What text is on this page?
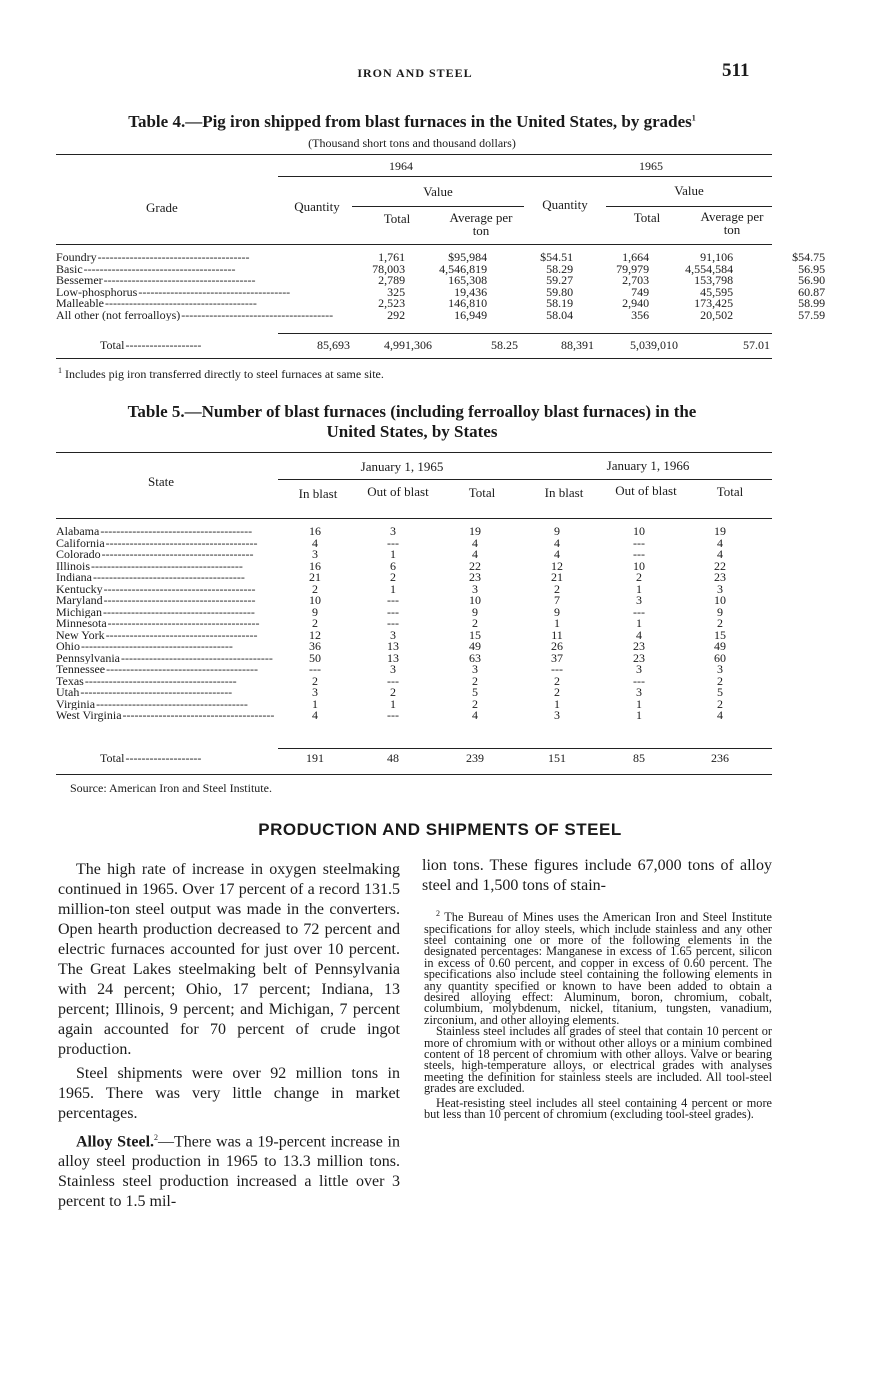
IRON AND STEEL	511
Table 4.—Pig iron shipped from blast furnaces in the United States, by grades$^1$
(Thousand short tons and thousand dollars)
1964	1965
Grade	Quantity
Value
Total	Average per ton
Quantity
Value
Total	Average per ton
Foundry--------------------------------------	1,761	$95,984	$54.51	1,664	91,106	$54.75
Basic--------------------------------------	78,003	4,546,819	58.29	79,979	4,554,584	56.95
Bessemer--------------------------------------	2,789	165,308	59.27	2,703	153,798	56.90
Low-phosphorus--------------------------------------	325	19,436	59.80	749	45,595	60.87
Malleable--------------------------------------	2,523	146,810	58.19	2,940	173,425	58.99
All other (not ferroalloys)--------------------------------------	292	16,949	58.04	356	20,502	57.59
Total-------------------	85,693	4,991,306	58.25	88,391	5,039,010	57.01
$^1$ Includes pig iron transferred directly to steel furnaces at same site.
Table 5.—Number of blast furnaces (including ferroalloy blast furnaces) in the
United States, by States
State
January 1, 1965	January 1, 1966
In blast	Out of blast	Total	In blast	Out of blast	Total
Alabama--------------------------------------	16	3	19	9	10	19
California--------------------------------------	4	---	4	4	---	4
Colorado--------------------------------------	3	1	4	4	---	4
Illinois--------------------------------------	16	6	22	12	10	22
Indiana--------------------------------------	21	2	23	21	2	23
Kentucky--------------------------------------	2	1	3	2	1	3
Maryland--------------------------------------	10	---	10	7	3	10
Michigan--------------------------------------	9	---	9	9	---	9
Minnesota--------------------------------------	2	---	2	1	1	2
New York--------------------------------------	12	3	15	11	4	15
Ohio--------------------------------------	36	13	49	26	23	49
Pennsylvania--------------------------------------	50	13	63	37	23	60
Tennessee--------------------------------------	---	3	3	---	3	3
Texas--------------------------------------	2	---	2	2	---	2
Utah--------------------------------------	3	2	5	2	3	5
Virginia--------------------------------------	1	1	2	1	1	2
West Virginia--------------------------------------	4	---	4	3	1	4
Total-------------------	191	48	239	151	85	236
Source: American Iron and Steel Institute.
PRODUCTION AND SHIPMENTS OF STEEL

The high rate of increase in oxygen steelmaking continued in 1965. Over 17 percent of a record 131.5 million-ton steel output was made in the converters. Open hearth production decreased to 72 percent and electric furnaces accounted for just over 10 percent. The Great Lakes steelmaking belt of Pennsylvania with 24 percent; Ohio, 17 percent; Indiana, 13 percent; Illinois, 9 percent; and Michigan, 7 percent again accounted for 70 percent of crude ingot production.

Steel shipments were over 92 million tons in 1965. There was very little change in market percentages.

Alloy Steel.$^2$—There was a 19-percent increase in alloy steel production in 1965 to 13.3 million tons. Stainless steel production increased a little over 3 percent to 1.5 mil-

lion tons. These figures include 67,000 tons of alloy steel and 1,500 tons of stain-

$^2$ The Bureau of Mines uses the American Iron and Steel Institute specifications for alloy steels, which include stainless and any other steel containing one or more of the following elements in the designated percentages: Manganese in excess of 1.65 percent, silicon in excess of 0.60 percent, and copper in excess of 0.60 percent. The specifications also include steel containing the following elements in any quantity specified or known to have been added to obtain a desired alloying effect: Aluminum, boron, chromium, cobalt, columbium, molybdenum, nickel, titanium, tungsten, vanadium, zirconium, and other alloying elements.

Stainless steel includes all grades of steel that contain 10 percent or more of chromium with or without other alloys or a minium combined content of 18 percent of chromium with other alloys. Valve or bearing steels, high-temperature alloys, or electrical grades with analyses meeting the definition for stainless steels are included. All tool-steel grades are excluded.

Heat-resisting steel includes all steel containing 4 percent or more but less than 10 percent of chromium (excluding tool-steel grades).
